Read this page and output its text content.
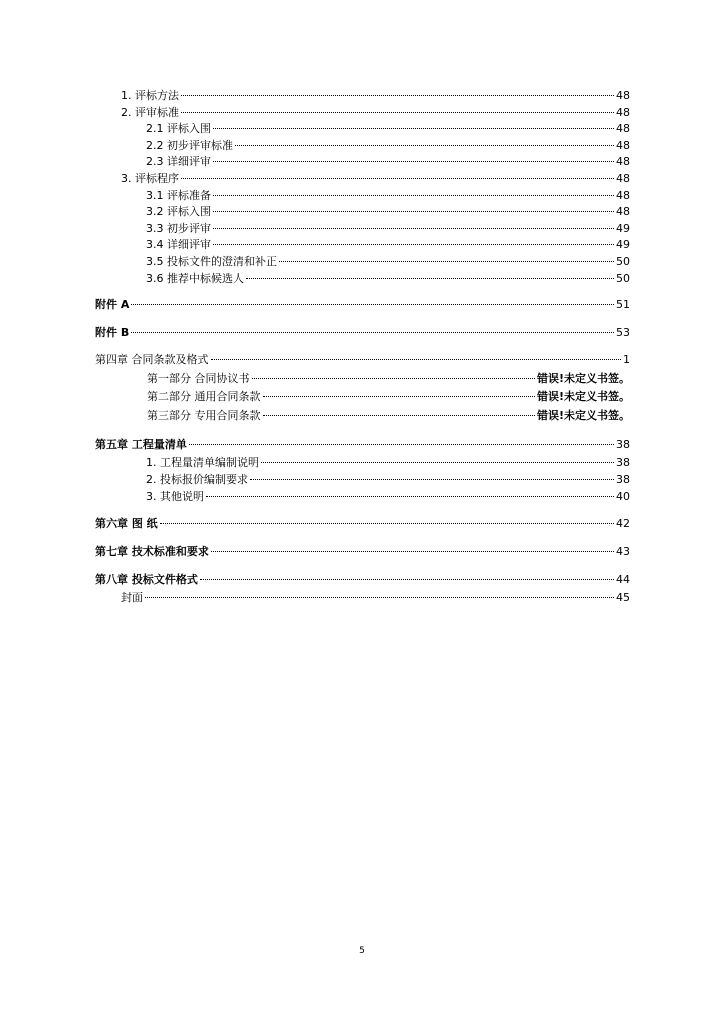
1. 评标方法	48
2. 评审标准	48
2.1 评标入围	48
2.2 初步评审标准	48
2.3 详细评审	48
3. 评标程序	48
3.1 评标准备	48
3.2 评标入围	48
3.3 初步评审	49
3.4 详细评审	49
3.5 投标文件的澄清和补正	50
3.6 推荐中标候选人	50
附件 A	51
附件 B	53
第四章 合同条款及格式	1
第一部分 合同协议书	错误!未定义书签。
第二部分 通用合同条款	错误!未定义书签。
第三部分 专用合同条款	错误!未定义书签。
第五章 工程量清单	38
1. 工程量清单编制说明	38
2. 投标报价编制要求	38
3. 其他说明	40
第六章 图 纸	42
第七章 技术标准和要求	43
第八章 投标文件格式	44
封面	45
5
